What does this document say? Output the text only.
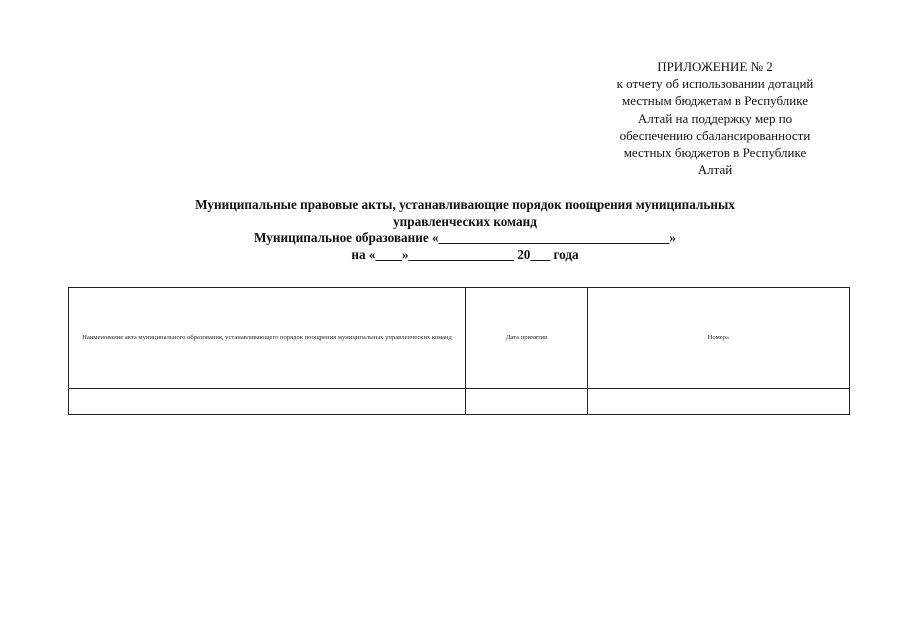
ПРИЛОЖЕНИЕ № 2
к отчету об использовании дотаций
местным бюджетам в Республике
Алтай на поддержку мер по
обеспечению сбалансированности
местных бюджетов в Республике
Алтай
Муниципальные правовые акты, устанавливающие порядок поощрения муниципальных
управленческих команд
Муниципальное образование «___________________________________»
на «____»________________ 20___ года
Наименование акта муниципального образования, устанавливающего порядок поощрения муниципальных управленческих команд	Дата принятия	Номер»
